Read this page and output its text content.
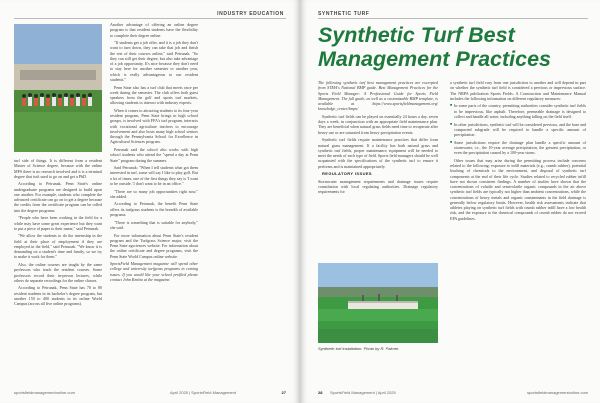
INDUSTRY EDUCATION

turf side of things. It is different from a resident Master of Science degree, because with the online MPS there is no research involved and it is a terminal degree that isn't used to go on and get a PhD.

According to Petrunak, Penn State's online undergraduate programs are designed to build upon one another. For example, students who complete the advanced certificate can go on to get a degree because the credits from the certificate program can be rolled into the degree programs.

"People who have been working in the field for a while may have some great experience but they want to put a piece of paper to their name," said Petrunak.

"We allow the students to do the internship in the field at their place of employment if they are employed in the field," said Petrunak. "We know it is demanding on a student's time and family, so we try to make it work for them."

Also, the online courses are taught by the same professors who teach the resident courses. Some professors record their in-person lectures, while others do separate recordings for the online classes.

According to Petrunak, Penn State has 70 to 80 resident students in its bachelor's degree program, but another 150 to 400 students in its online World Campus (across all five online programs).

Another advantage of offering an online degree program is that resident students have the flexibility to complete their degree online.

"If students get a job offer, and it is a job they don't want to turn down, they can take that job and finish the rest of their courses online," said Petrunak. "So they can still get their degree, but also take advantage of a job opportunity. It's nice because they don't need to stay here for another semester or another year, which is really advantageous to our resident students."

Penn State also has a turf club that meets once per week during the semester. The club offers both guest speakers from the golf and sports turf markets, allowing students to interact with industry experts.

When it comes to attracting students to its four-year resident program, Penn State brings in high school groups, is involved with FFA's turf program, interacts with vocational agriculture teachers to encourage involvement and also hosts many high school seniors through the Pennsylvania School for Excellence in Agricultural Sciences program.

Petrunak said the school also works with high school students who attend the "spend a day at Penn State" program during the summer.

Said Petrunak: "When I tell students what got them interested in turf, some will say I like to play golf. But a lot of times, one of the first things they say is 'I want to be outside.' I don't want to be in an office."

"There are so many job opportunities right now," she added.

According to Petrunak, the benefit Penn State offers its turfgrass students is the breadth of available programs.

"There is something that is suitable for anybody," she said.

For more information about Penn State's resident program and the Turfgrass Science major, visit the Penn State agsciences website. For information about the online certificate and degree programs, visit the Penn State World Campus online website.

SportsField Management magazine will spend other college and university turfgrass programs in coming issues. If you would like your school profiled please contact John Kmitta at the magazine.

sportsfieldmanagementonline.com	April 2025 | SportsField Management	27
SYNTHETIC TURF
Synthetic Turf Best Management Practices

The following synthetic turf best management practices are excerpted from STMA's National BMP guide. Best Management Practices for the Sports Field Manager: A Professional Guide for Sports Field Management. The full guide, as well as a customizable BMP template, is available at https://www.sportsfieldmanagement.org/ knowledge_center/bmps/

Synthetic turf fields can be played on essentially 24 hours a day, seven days a week, in conjunction with an appropriate field maintenance plan. They are beneficial when natural grass fields need time to recuperate after heavy use or are saturated from heavy precipitation events.

Synthetic turf fields require maintenance practices that differ from natural grass management. If a facility has both natural grass and synthetic turf fields, proper maintenance equipment will be needed to meet the needs of each type of field. Sports field managers should be well acquainted with the specifications of the synthetic turf to ensure it performs and is maintained appropriately.

REGULATORY ISSUES

Stormwater management requirements and drainage issues require consultation with local regulating authorities. Drainage regulatory requirements for

Synthetic turf installation. Photo by R. Palmer.

a synthetic turf field vary from one jurisdiction to another and will depend in part on whether the synthetic turf field is considered a pervious or impervious surface. The NRPA publication Sports Fields: A Construction and Maintenance Manual includes the following information on different regulatory measures:

■ In some parts of the country, permitting authorities consider synthetic turf fields to be impervious, like asphalt. Therefore, permeable drainage is designed to collect and handle all water, including anything falling on the field itself.

■ In other jurisdictions, synthetic turf will be considered pervious, and the base and compacted subgrade will be required to handle a specific amount of precipitation.

■ Some jurisdictions require the drainage plan handle a specific amount of stormwater, i.e., the 10-year average precipitation, the greatest precipitation, or even the precipitation caused by a 100-year storm.

Other issues that may arise during the permitting process include concerns related to the following: exposure to infill materials (e.g., crumb rubber), potential leaching of chemicals to the environment, and disposal of synthetic turf components at the end of their life cycle. Studies related to recycled rubber infill have not shown consistent findings. A number of studies have shown that the concentrations of volatile and semivolatile organic compounds in the air above synthetic turf fields are typically not higher than ambient concentrations, while the concentrations of heavy metals and organic contaminants in the field drainage is generally below regulatory limits. However, health risk assessments indicate that athletes playing on synthetic turf fields with crumb rubber infill have a low health risk, and the exposure to the chemical compounds of crumb rubber do not exceed EPA guidelines.

28 SportsField Management | April 2025	sportsfieldmanagementonline.com
